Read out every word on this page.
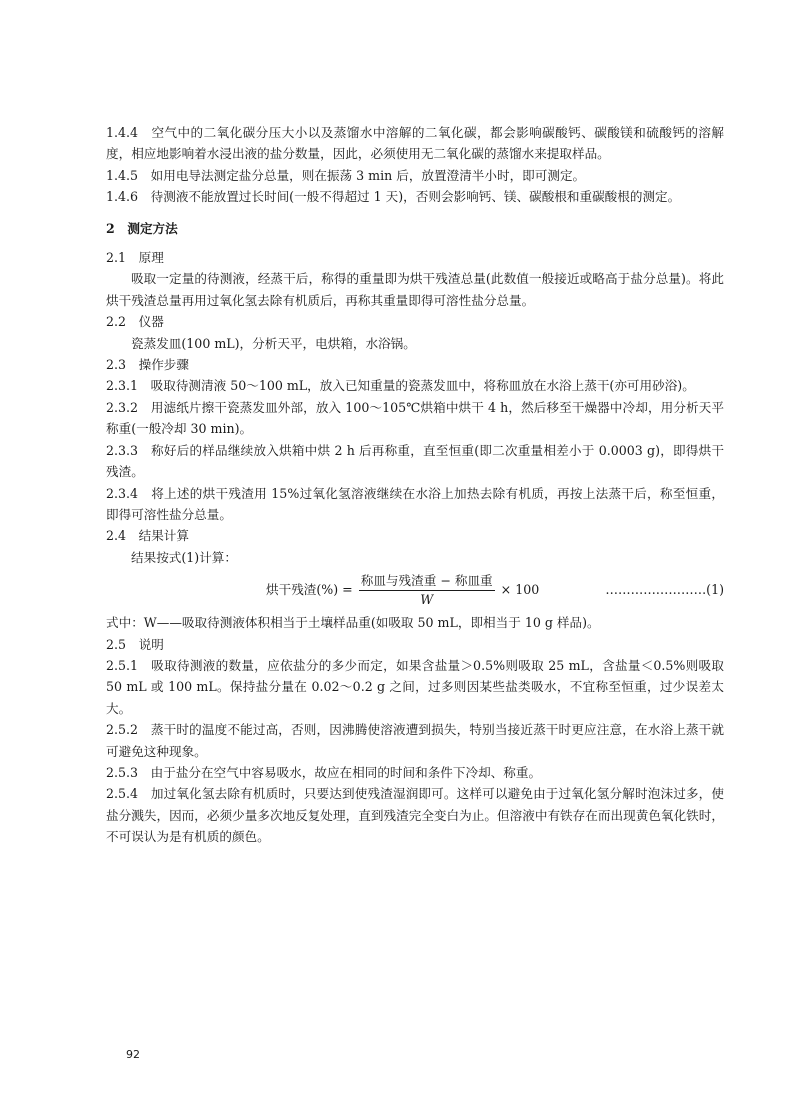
1.4.4　空气中的二氧化碳分压大小以及蒸馏水中溶解的二氧化碳，都会影响碳酸钙、碳酸镁和硫酸钙的溶解度，相应地影响着水浸出液的盐分数量，因此，必须使用无二氧化碳的蒸馏水来提取样品。

1.4.5　如用电导法测定盐分总量，则在振荡 3 min 后，放置澄清半小时，即可测定。

1.4.6　待测液不能放置过长时间(一般不得超过 1 天)，否则会影响钙、镁、碳酸根和重碳酸根的测定。

2　测定方法

2.1　原理

吸取一定量的待测液，经蒸干后，称得的重量即为烘干残渣总量(此数值一般接近或略高于盐分总量)。将此烘干残渣总量再用过氧化氢去除有机质后，再称其重量即得可溶性盐分总量。

2.2　仪器

瓷蒸发皿(100 mL)，分析天平，电烘箱，水浴锅。

2.3　操作步骤

2.3.1　吸取待测清液 50～100 mL，放入已知重量的瓷蒸发皿中，将称皿放在水浴上蒸干(亦可用砂浴)。

2.3.2　用滤纸片擦干瓷蒸发皿外部，放入 100～105℃烘箱中烘干 4 h，然后移至干燥器中冷却，用分析天平称重(一般冷却 30 min)。

2.3.3　称好后的样品继续放入烘箱中烘 2 h 后再称重，直至恒重(即二次重量相差小于 0.0003 g)，即得烘干残渣。

2.3.4　将上述的烘干残渣用 15%过氧化氢溶液继续在水浴上加热去除有机质，再按上法蒸干后，称至恒重，即得可溶性盐分总量。

2.4　结果计算

结果按式(1)计算：

烘干残渣(%) = $\frac{\text{称皿与残渣重 − 称皿重}}{W} \times 100$	……………………(1)

式中：W——吸取待测液体积相当于土壤样品重(如吸取 50 mL，即相当于 10 g 样品)。

2.5　说明

2.5.1　吸取待测液的数量，应依盐分的多少而定，如果含盐量＞0.5%则吸取 25 mL，含盐量＜0.5%则吸取 50 mL 或 100 mL。保持盐分量在 0.02～0.2 g 之间，过多则因某些盐类吸水，不宜称至恒重，过少误差太大。

2.5.2　蒸干时的温度不能过高，否则，因沸腾使溶液遭到损失，特别当接近蒸干时更应注意，在水浴上蒸干就可避免这种现象。

2.5.3　由于盐分在空气中容易吸水，故应在相同的时间和条件下冷却、称重。

2.5.4　加过氧化氢去除有机质时，只要达到使残渣湿润即可。这样可以避免由于过氧化氢分解时泡沫过多，使盐分溅失，因而，必须少量多次地反复处理，直到残渣完全变白为止。但溶液中有铁存在而出现黄色氧化铁时，不可误认为是有机质的颜色。

92
